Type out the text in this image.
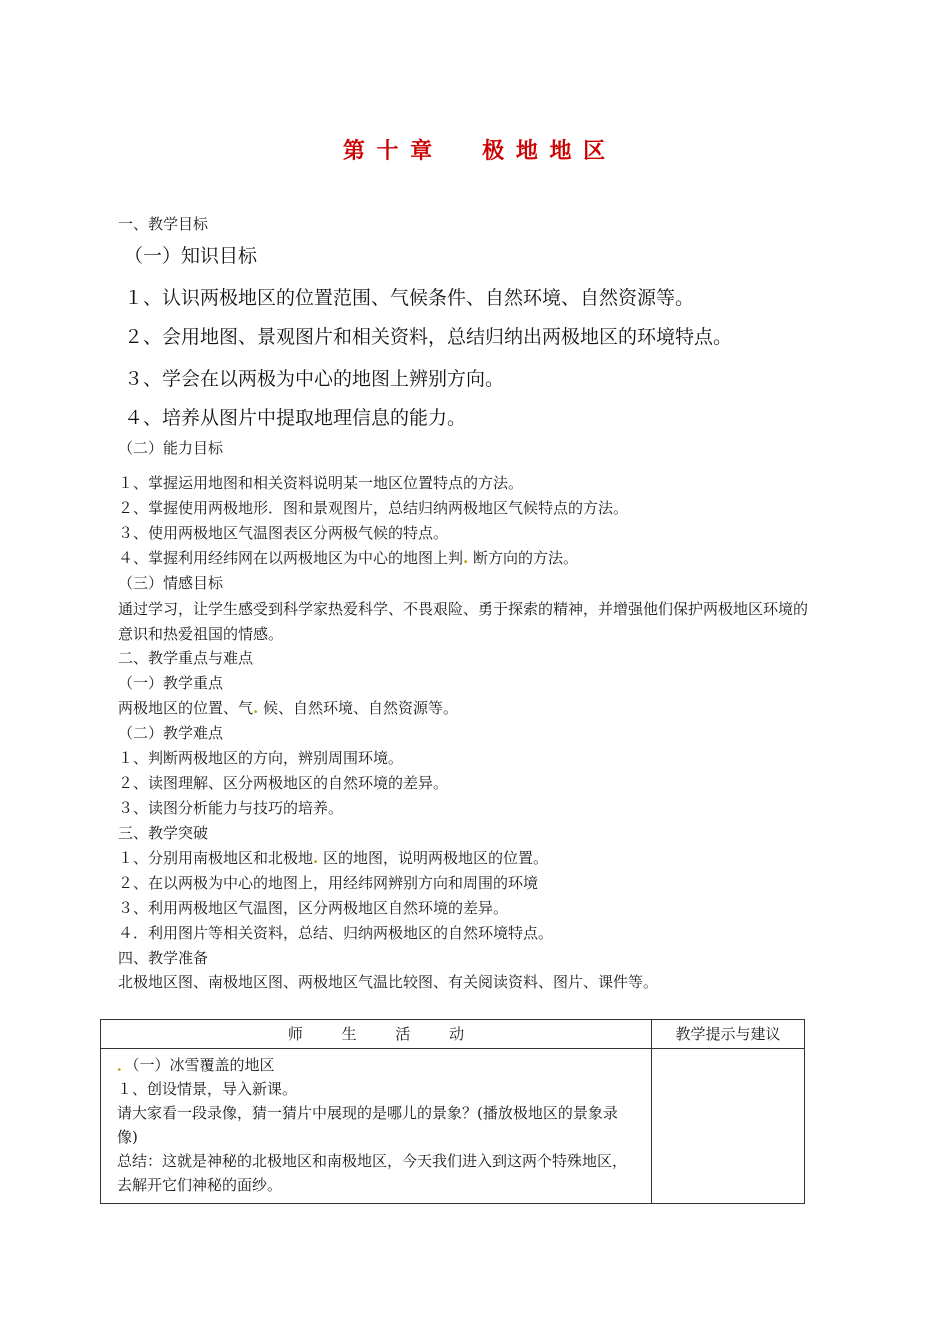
第 十 章　　极 地 地 区
一、教学目标
（一）知识目标
１、认识两极地区的位置范围、气候条件、自然环境、自然资源等。
２、会用地图、景观图片和相关资料，总结归纳出两极地区的环境特点。
３、学会在以两极为中心的地图上辨别方向。
４、培养从图片中提取地理信息的能力。
（二）能力目标
１、掌握运用地图和相关资料说明某一地区位置特点的方法。
２、掌握使用两极地形．图和景观图片，总结归纳两极地区气候特点的方法。
３、使用两极地区气温图表区分两极气候的特点。
４、掌握利用经纬网在以两极地区为中心的地图上判. 断方向的方法。
（三）情感目标
通过学习，让学生感受到科学家热爱科学、不畏艰险、勇于探索的精神，并增强他们保护两极地区环境的意识和热爱祖国的情感。
二、教学重点与难点
（一）教学重点
两极地区的位置、气. 候、自然环境、自然资源等。
（二）教学难点
１、判断两极地区的方向，辨别周围环境。
２、读图理解、区分两极地区的自然环境的差异。
３、读图分析能力与技巧的培养。
三、教学突破
１、分别用南极地区和北极地. 区的地图，说明两极地区的位置。
２、在以两极为中心的地图上，用经纬网辨别方向和周围的环境
３、利用两极地区气温图，区分两极地区自然环境的差异。
４．利用图片等相关资料，总结、归纳两极地区的自然环境特点。
四、教学准备
北极地区图、南极地区图、两极地区气温比较图、有关阅读资料、图片、课件等。
师 生 活 动	教学提示与建议

．（一）冰雪覆盖的地区
１、创设情景，导入新课。
请大家看一段录像，猜一猜片中展现的是哪儿的景象？(播放极地区的景象录像)
总结：这就是神秘的北极地区和南极地区，今天我们进入到这两个特殊地区，去解开它们神秘的面纱。	
